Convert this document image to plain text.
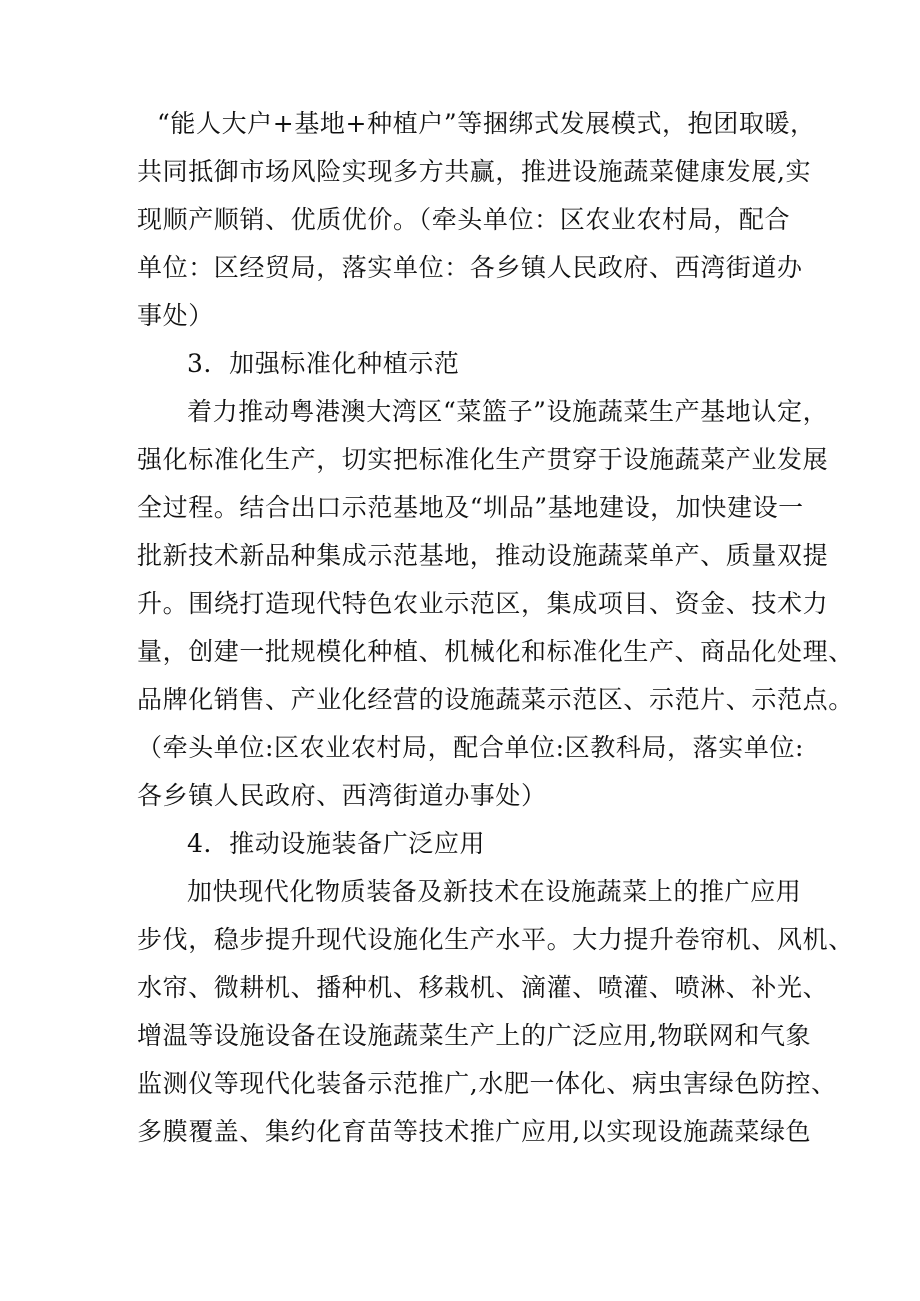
“能人大户+基地+种植户”等捆绑式发展模式，抱团取暖，
共同抵御市场风险实现多方共赢，推进设施蔬菜健康发展,实
现顺产顺销、优质优价。（牵头单位：区农业农村局，配合
单位：区经贸局，落实单位：各乡镇人民政府、西湾街道办
事处）
3．加强标准化种植示范
着力推动粤港澳大湾区“菜篮子”设施蔬菜生产基地认定，
强化标准化生产，切实把标准化生产贯穿于设施蔬菜产业发展
全过程。结合出口示范基地及“圳品”基地建设，加快建设一
批新技术新品种集成示范基地，推动设施蔬菜单产、质量双提
升。围绕打造现代特色农业示范区，集成项目、资金、技术力
量，创建一批规模化种植、机械化和标准化生产、商品化处理、
品牌化销售、产业化经营的设施蔬菜示范区、示范片、示范点。
（牵头单位:区农业农村局，配合单位:区教科局，落实单位:
各乡镇人民政府、西湾街道办事处）
4．推动设施装备广泛应用
加快现代化物质装备及新技术在设施蔬菜上的推广应用
步伐，稳步提升现代设施化生产水平。大力提升卷帘机、风机、
水帘、微耕机、播种机、移栽机、滴灌、喷灌、喷淋、补光、
增温等设施设备在设施蔬菜生产上的广泛应用,物联网和气象
监测仪等现代化装备示范推广,水肥一体化、病虫害绿色防控、
多膜覆盖、集约化育苗等技术推广应用,以实现设施蔬菜绿色
